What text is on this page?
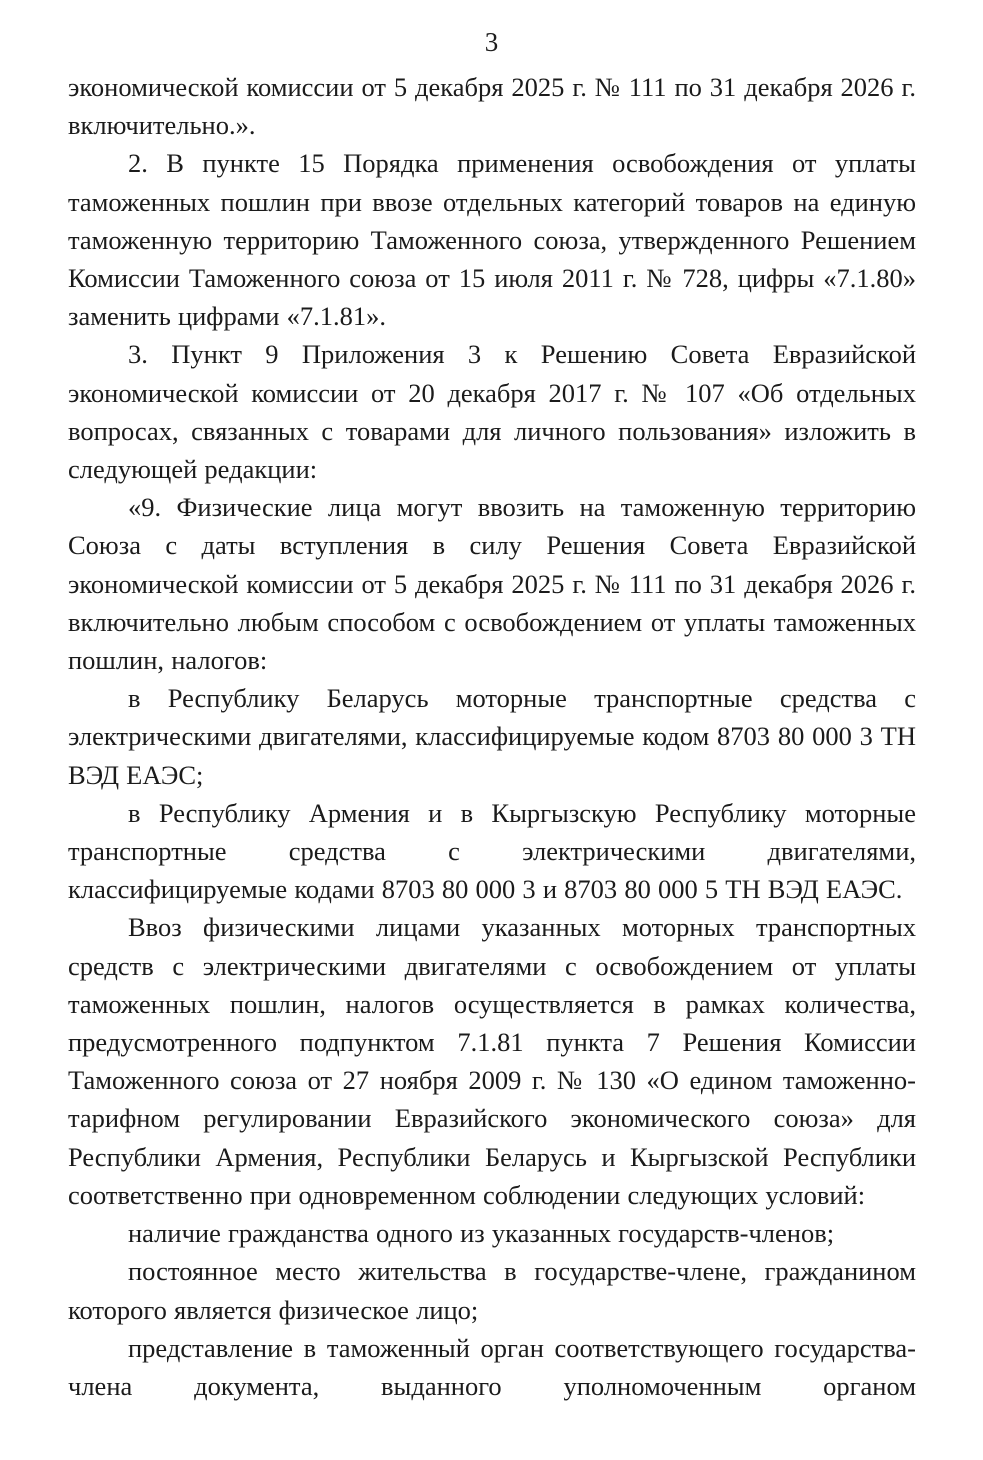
3

экономической комиссии от 5 декабря 2025 г. № 111 по 31 декабря 2026 г. включительно.».

2. В пункте 15 Порядка применения освобождения от уплаты таможенных пошлин при ввозе отдельных категорий товаров на единую таможенную территорию Таможенного союза, утвержденного Решением Комиссии Таможенного союза от 15 июля 2011 г. № 728, цифры «7.1.80» заменить цифрами «7.1.81».

3. Пункт 9 Приложения 3 к Решению Совета Евразийской экономической комиссии от 20 декабря 2017 г. № 107 «Об отдельных вопросах, связанных с товарами для личного пользования» изложить в следующей редакции:

«9. Физические лица могут ввозить на таможенную территорию Союза с даты вступления в силу Решения Совета Евразийской экономической комиссии от 5 декабря 2025 г. № 111 по 31 декабря 2026 г. включительно любым способом с освобождением от уплаты таможенных пошлин, налогов:

в Республику Беларусь моторные транспортные средства с электрическими двигателями, классифицируемые кодом 8703 80 000 3 ТН ВЭД ЕАЭС;

в Республику Армения и в Кыргызскую Республику моторные транспортные средства с электрическими двигателями, классифицируемые кодами 8703 80 000 3 и 8703 80 000 5 ТН ВЭД ЕАЭС.

Ввоз физическими лицами указанных моторных транспортных средств с электрическими двигателями с освобождением от уплаты таможенных пошлин, налогов осуществляется в рамках количества, предусмотренного подпунктом 7.1.81 пункта 7 Решения Комиссии Таможенного союза от 27 ноября 2009 г. № 130 «О едином таможенно-тарифном регулировании Евразийского экономического союза» для Республики Армения, Республики Беларусь и Кыргызской Республики соответственно при одновременном соблюдении следующих условий:

наличие гражданства одного из указанных государств-членов;

постоянное место жительства в государстве-члене, гражданином которого является физическое лицо;

представление в таможенный орган соответствующего государства-члена документа, выданного уполномоченным органом
